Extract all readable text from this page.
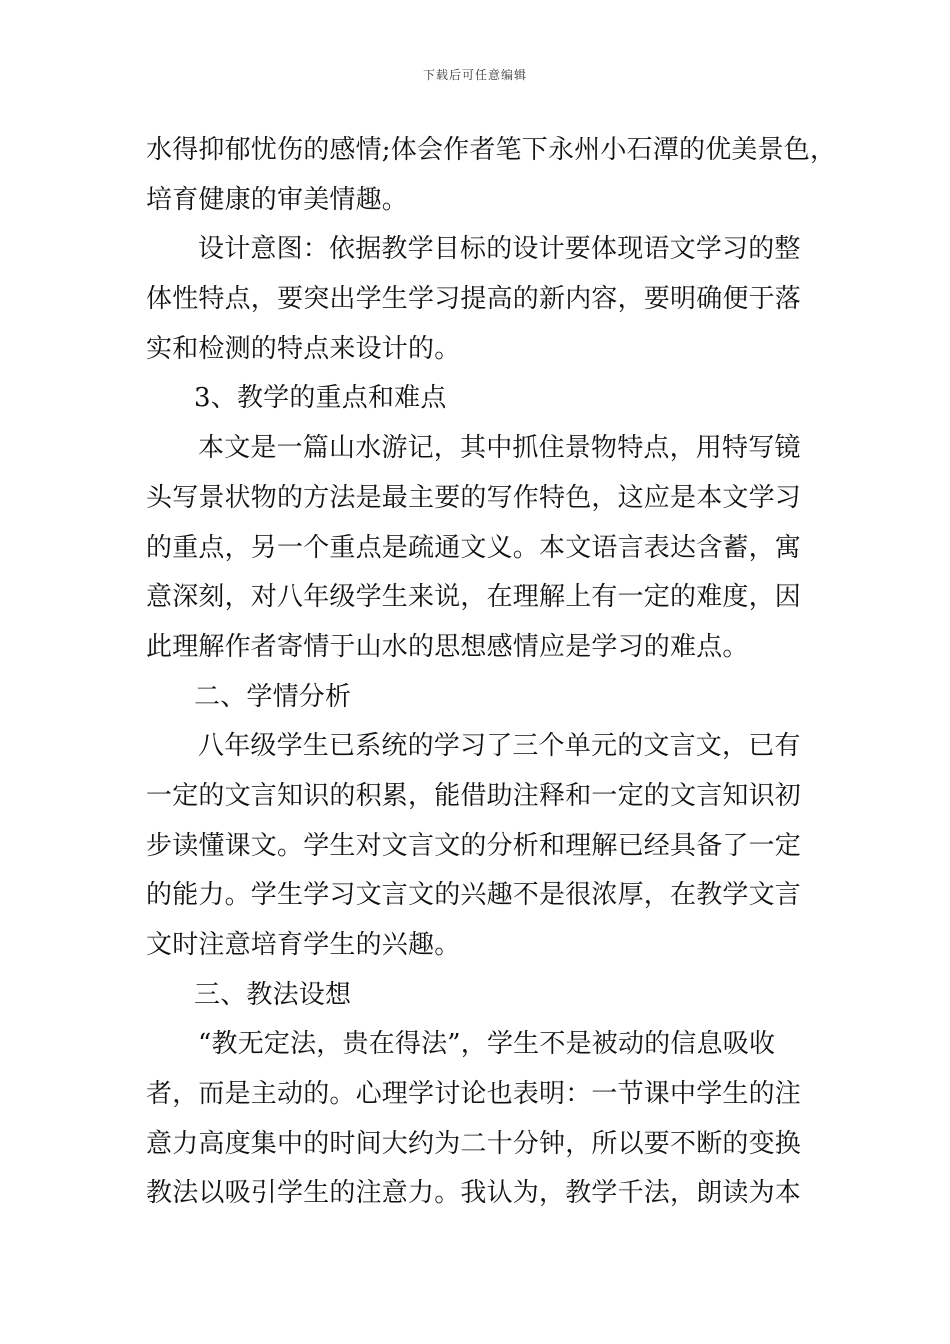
下载后可任意编辑
水得抑郁忧伤的感情;体会作者笔下永州小石潭的优美景色，
培育健康的审美情趣。
设计意图：依据教学目标的设计要体现语文学习的整
体性特点，要突出学生学习提高的新内容，要明确便于落
实和检测的特点来设计的。
3、教学的重点和难点
本文是一篇山水游记，其中抓住景物特点，用特写镜
头写景状物的方法是最主要的写作特色，这应是本文学习
的重点，另一个重点是疏通文义。本文语言表达含蓄，寓
意深刻，对八年级学生来说，在理解上有一定的难度，因
此理解作者寄情于山水的思想感情应是学习的难点。
二、学情分析
八年级学生已系统的学习了三个单元的文言文，已有
一定的文言知识的积累，能借助注释和一定的文言知识初
步读懂课文。学生对文言文的分析和理解已经具备了一定
的能力。学生学习文言文的兴趣不是很浓厚，在教学文言
文时注意培育学生的兴趣。
三、教法设想
“教无定法，贵在得法”，学生不是被动的信息吸收
者，而是主动的。心理学讨论也表明：一节课中学生的注
意力高度集中的时间大约为二十分钟，所以要不断的变换
教法以吸引学生的注意力。我认为，教学千法，朗读为本
